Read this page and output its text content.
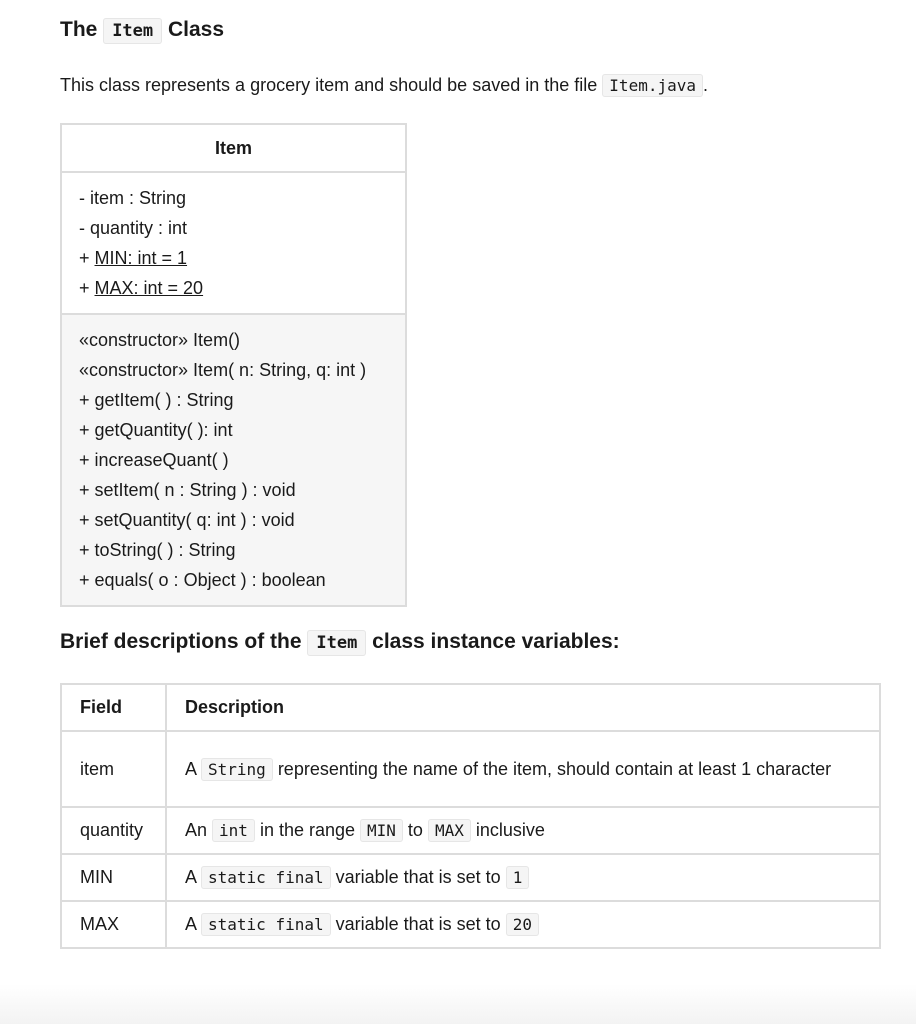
The Item Class

This class represents a grocery item and should be saved in the file Item.java .

Item
- item : String
- quantity : int
+ MIN: int = 1
+ MAX: int = 20
«constructor» Item()
«constructor» Item( n: String, q: int )
+ getItem( ) : String
+ getQuantity( ): int
+ increaseQuant( )
+ setItem( n : String ) : void
+ setQuantity( q: int ) : void
+ toString( ) : String
+ equals( o : Object ) : boolean
Brief descriptions of the Item class instance variables:
Field	Description
item	A String representing the name of the item, should contain at least 1 character
quantity	An int in the range MIN to MAX inclusive
MIN	A static final variable that is set to 1
MAX	A static final variable that is set to 20
